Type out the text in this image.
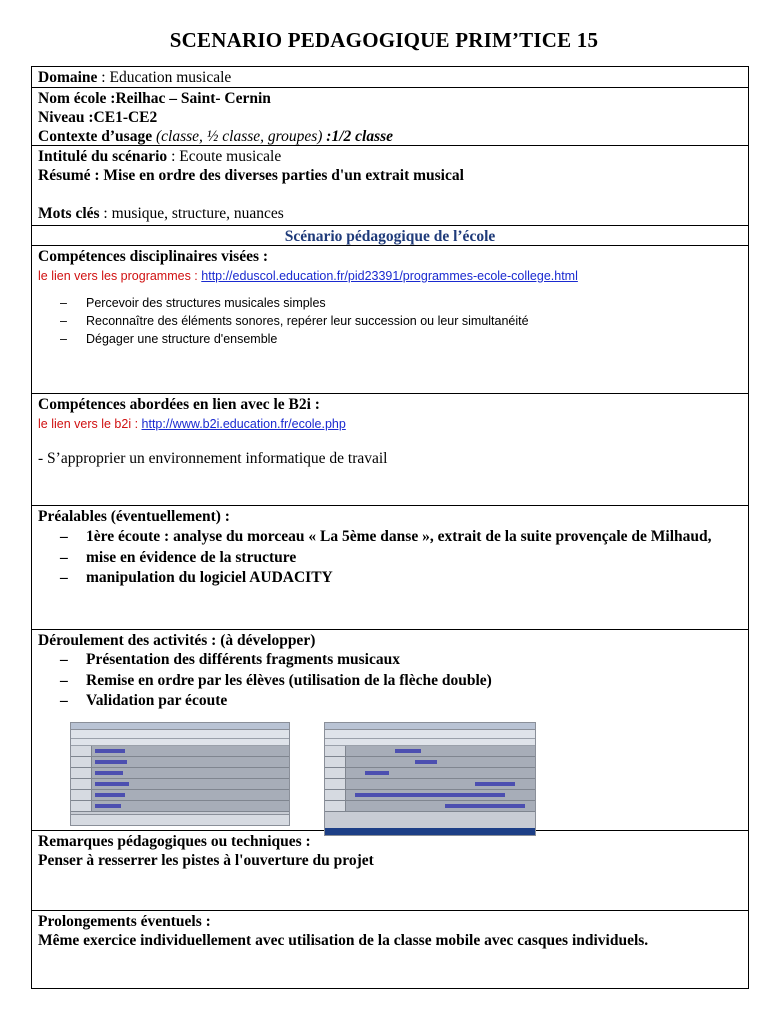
SCENARIO PEDAGOGIQUE PRIM’TICE 15
Domaine : Education musicale
Nom école :Reilhac – Saint- Cernin
Niveau :CE1-CE2
Contexte d’usage (classe, ½ classe, groupes) :1/2 classe
Intitulé du scénario : Ecoute musicale
Résumé : Mise en ordre des diverses parties d'un extrait musical
Mots clés : musique, structure, nuances
Scénario pédagogique de l’école
Compétences disciplinaires visées :
le lien vers les programmes : http://eduscol.education.fr/pid23391/programmes-ecole-college.html
– Percevoir des structures musicales simples
– Reconnaître des éléments sonores, repérer leur succession ou leur simultanéité
– Dégager une structure d'ensemble
Compétences abordées en lien avec le B2i :
le lien vers le b2i : http://www.b2i.education.fr/ecole.php
- S’approprier un environnement informatique de travail
Préalables (éventuellement) :
– 1ère écoute : analyse du morceau « La 5ème danse », extrait de la suite provençale de Milhaud,
– mise en évidence de la structure
– manipulation du logiciel AUDACITY
Déroulement des activités : (à développer)
– Présentation des différents fragments musicaux
– Remise en ordre par les élèves (utilisation de la flèche double)
– Validation par écoute
Remarques pédagogiques ou techniques :
Penser à resserrer les pistes à l'ouverture du projet
Prolongements éventuels :
Même exercice individuellement avec utilisation de la classe mobile avec casques individuels.
